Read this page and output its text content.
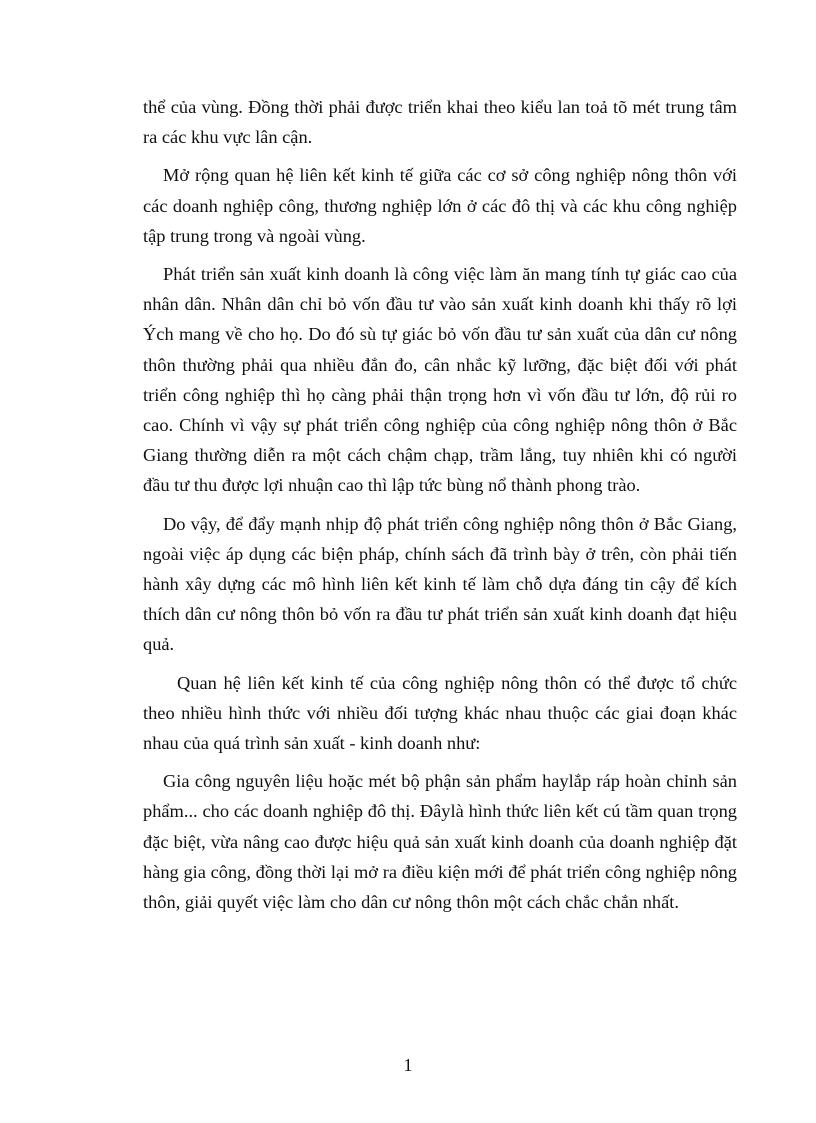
thể của vùng. Đồng thời phải được triển khai theo kiểu lan toả tõ mét trung tâm ra các khu vực lân cận.

Mở rộng quan hệ liên kết kinh tế giữa các cơ sở công nghiệp nông thôn với các doanh nghiệp công, thương nghiệp lớn ở các đô thị và các khu công nghiệp tập trung trong và ngoài vùng.

Phát triển sản xuất kinh doanh là công việc làm ăn mang tính tự giác cao của nhân dân. Nhân dân chỉ bỏ vốn đầu tư vào sản xuất kinh doanh khi thấy rõ lợi Ých mang về cho họ. Do đó sù tự giác bỏ vốn đầu tư sản xuất của dân cư nông thôn thường phải qua nhiều đắn đo, cân nhắc kỹ lưỡng, đặc biệt đối với phát triển công nghiệp thì họ càng phải thận trọng hơn vì vốn đầu tư lớn, độ rủi ro cao. Chính vì vậy sự phát triển công nghiệp của công nghiệp nông thôn ở Bắc Giang thường diễn ra một cách chậm chạp, trầm lắng, tuy nhiên khi có người đầu tư thu được lợi nhuận cao thì lập tức bùng nổ thành phong trào.

Do vậy, để đẩy mạnh nhịp độ phát triển công nghiệp nông thôn ở Bắc Giang, ngoài việc áp dụng các biện pháp, chính sách đã trình bày ở trên, còn phải tiến hành xây dựng các mô hình liên kết kinh tế làm chỗ dựa đáng tin cậy để kích thích dân cư nông thôn bỏ vốn ra đầu tư phát triển sản xuất kinh doanh đạt hiệu quả.

Quan hệ liên kết kinh tế của công nghiệp nông thôn có thể được tổ chức theo nhiều hình thức với nhiều đối tượng khác nhau thuộc các giai đoạn khác nhau của quá trình sản xuất - kinh doanh như:

Gia công nguyên liệu hoặc mét bộ phận sản phẩm haylắp ráp hoàn chỉnh sản phẩm... cho các doanh nghiệp đô thị. Đâylà hình thức liên kết cú tầm quan trọng đặc biệt, vừa nâng cao được hiệu quả sản xuất kinh doanh của doanh nghiệp đặt hàng gia công, đồng thời lại mở ra điều kiện mới để phát triển công nghiệp nông thôn, giải quyết việc làm cho dân cư nông thôn một cách chắc chắn nhất.

1
